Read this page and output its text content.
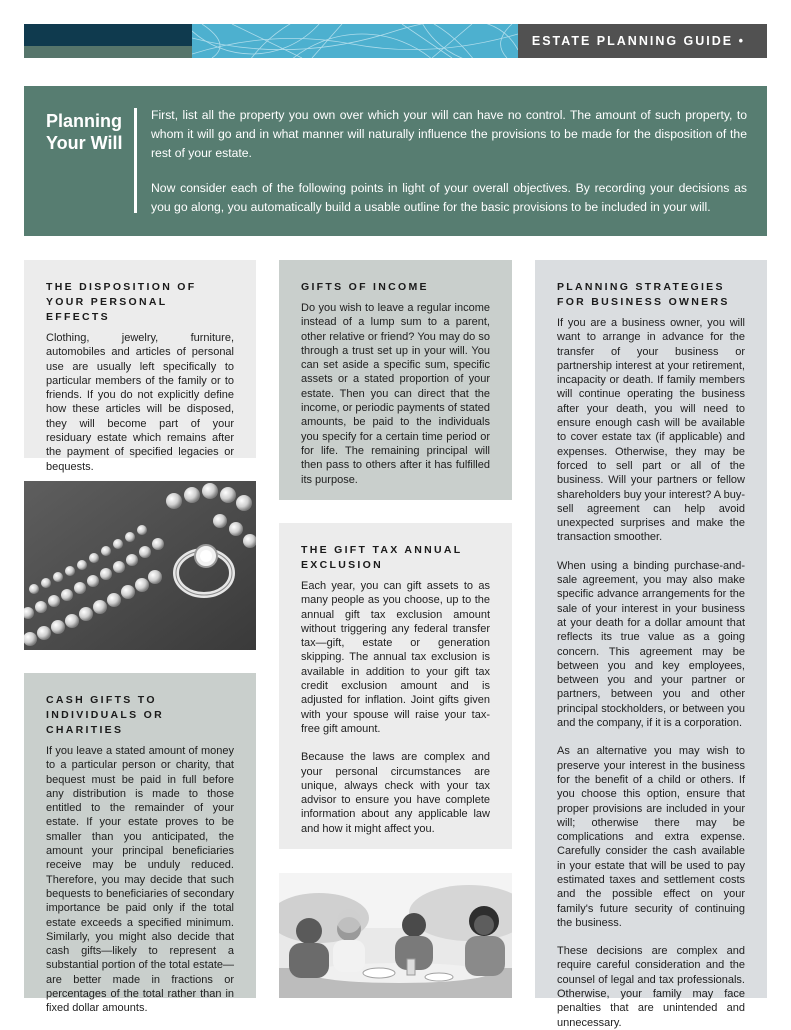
ESTATE PLANNING GUIDE • 3
Planning Your Will

First, list all the property you own over which your will can have no control. The amount of such property, to whom it will go and in what manner will naturally influence the provisions to be made for the disposition of the rest of your estate.

Now consider each of the following points in light of your overall objectives. By recording your decisions as you go along, you automatically build a usable outline for the basic provisions to be included in your will.

THE DISPOSITION OF YOUR PERSONAL EFFECTS

Clothing, jewelry, furniture, automobiles and articles of personal use are usually left specifically to particular members of the family or to friends. If you do not explicitly define how these articles will be disposed, they will become part of your residuary estate which remains after the payment of specified legacies or bequests.

CASH GIFTS TO INDIVIDUALS OR CHARITIES

If you leave a stated amount of money to a particular person or charity, that bequest must be paid in full before any distribution is made to those entitled to the remainder of your estate. If your estate proves to be smaller than you anticipated, the amount your principal beneficiaries receive may be unduly reduced. Therefore, you may decide that such bequests to beneficiaries of secondary importance be paid only if the total estate exceeds a specified minimum. Similarly, you might also decide that cash gifts—likely to represent a substantial portion of the total estate—are better made in fractions or percentages of the total rather than in fixed dollar amounts.

GIFTS OF INCOME

Do you wish to leave a regular income instead of a lump sum to a parent, other relative or friend? You may do so through a trust set up in your will. You can set aside a specific sum, specific assets or a stated proportion of your estate. Then you can direct that the income, or periodic payments of stated amounts, be paid to the individuals you specify for a certain time period or for life. The remaining principal will then pass to others after it has fulfilled its purpose.

THE GIFT TAX ANNUAL EXCLUSION

Each year, you can gift assets to as many people as you choose, up to the annual gift tax exclusion amount without triggering any federal transfer tax—gift, estate or generation skipping. The annual tax exclusion is available in addition to your gift tax credit exclusion amount and is adjusted for inflation. Joint gifts given with your spouse will raise your tax-free gift amount.

Because the laws are complex and your personal circumstances are unique, always check with your tax advisor to ensure you have complete information about any applicable law and how it might affect you.

PLANNING STRATEGIES FOR BUSINESS OWNERS

If you are a business owner, you will want to arrange in advance for the transfer of your business or partnership interest at your retirement, incapacity or death. If family members will continue operating the business after your death, you will need to ensure enough cash will be available to cover estate tax (if applicable) and expenses. Otherwise, they may be forced to sell part or all of the business. Will your partners or fellow shareholders buy your interest? A buy-sell agreement can help avoid unexpected surprises and make the transaction smoother.

When using a binding purchase-and-sale agreement, you may also make specific advance arrangements for the sale of your interest in your business at your death for a dollar amount that reflects its true value as a going concern. This agreement may be between you and key employees, between you and your partner or partners, between you and other principal stockholders, or between you and the company, if it is a corporation.

As an alternative you may wish to preserve your interest in the business for the benefit of a child or others. If you choose this option, ensure that proper provisions are included in your will; otherwise there may be complications and extra expense. Carefully consider the cash available in your estate that will be used to pay estimated taxes and settlement costs and the possible effect on your family's future security of continuing the business.

These decisions are complex and require careful consideration and the counsel of legal and tax professionals. Otherwise, your family may face penalties that are unintended and unnecessary.
